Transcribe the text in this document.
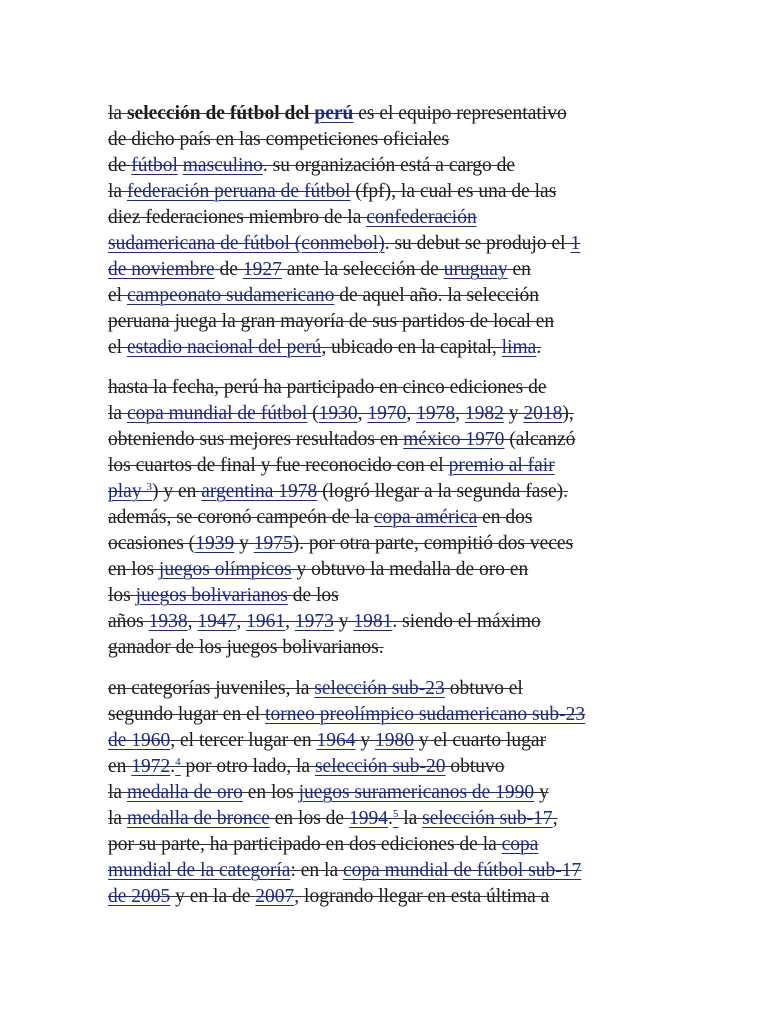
la selección de fútbol del perú es el equipo representativo
de dicho país en las competiciones oficiales
de fútbol masculino. su organización está a cargo de
la federación peruana de fútbol (fpf), la cual es una de las
diez federaciones miembro de la confederación
sudamericana de fútbol (conmebol). su debut se produjo el 1
de noviembre de 1927 ante la selección de uruguay en
el campeonato sudamericano de aquel año. la selección
peruana juega la gran mayoría de sus partidos de local en
el estadio nacional del perú, ubicado en la capital, lima.
hasta la fecha, perú ha participado en cinco ediciones de
la copa mundial de fútbol (1930, 1970, 1978, 1982 y 2018),
obteniendo sus mejores resultados en méxico 1970 (alcanzó
los cuartos de final y fue reconocido con el premio al fair
play $^3$) y en argentina 1978 (logró llegar a la segunda fase).
además, se coronó campeón de la copa américa en dos
ocasiones (1939 y 1975). por otra parte, compitió dos veces
en los juegos olímpicos y obtuvo la medalla de oro en
los juegos bolivarianos de los
años 1938, 1947, 1961, 1973 y 1981. siendo el máximo
ganador de los juegos bolivarianos.
en categorías juveniles, la selección sub-23 obtuvo el
segundo lugar en el torneo preolímpico sudamericano sub-23
de 1960, el tercer lugar en 1964 y 1980 y el cuarto lugar
en 1972.$^4$ por otro lado, la selección sub-20 obtuvo
la medalla de oro en los juegos suramericanos de 1990 y
la medalla de bronce en los de 1994.$^5$ la selección sub-17,
por su parte, ha participado en dos ediciones de la copa
mundial de la categoría: en la copa mundial de fútbol sub-17
de 2005 y en la de 2007, logrando llegar en esta última a
